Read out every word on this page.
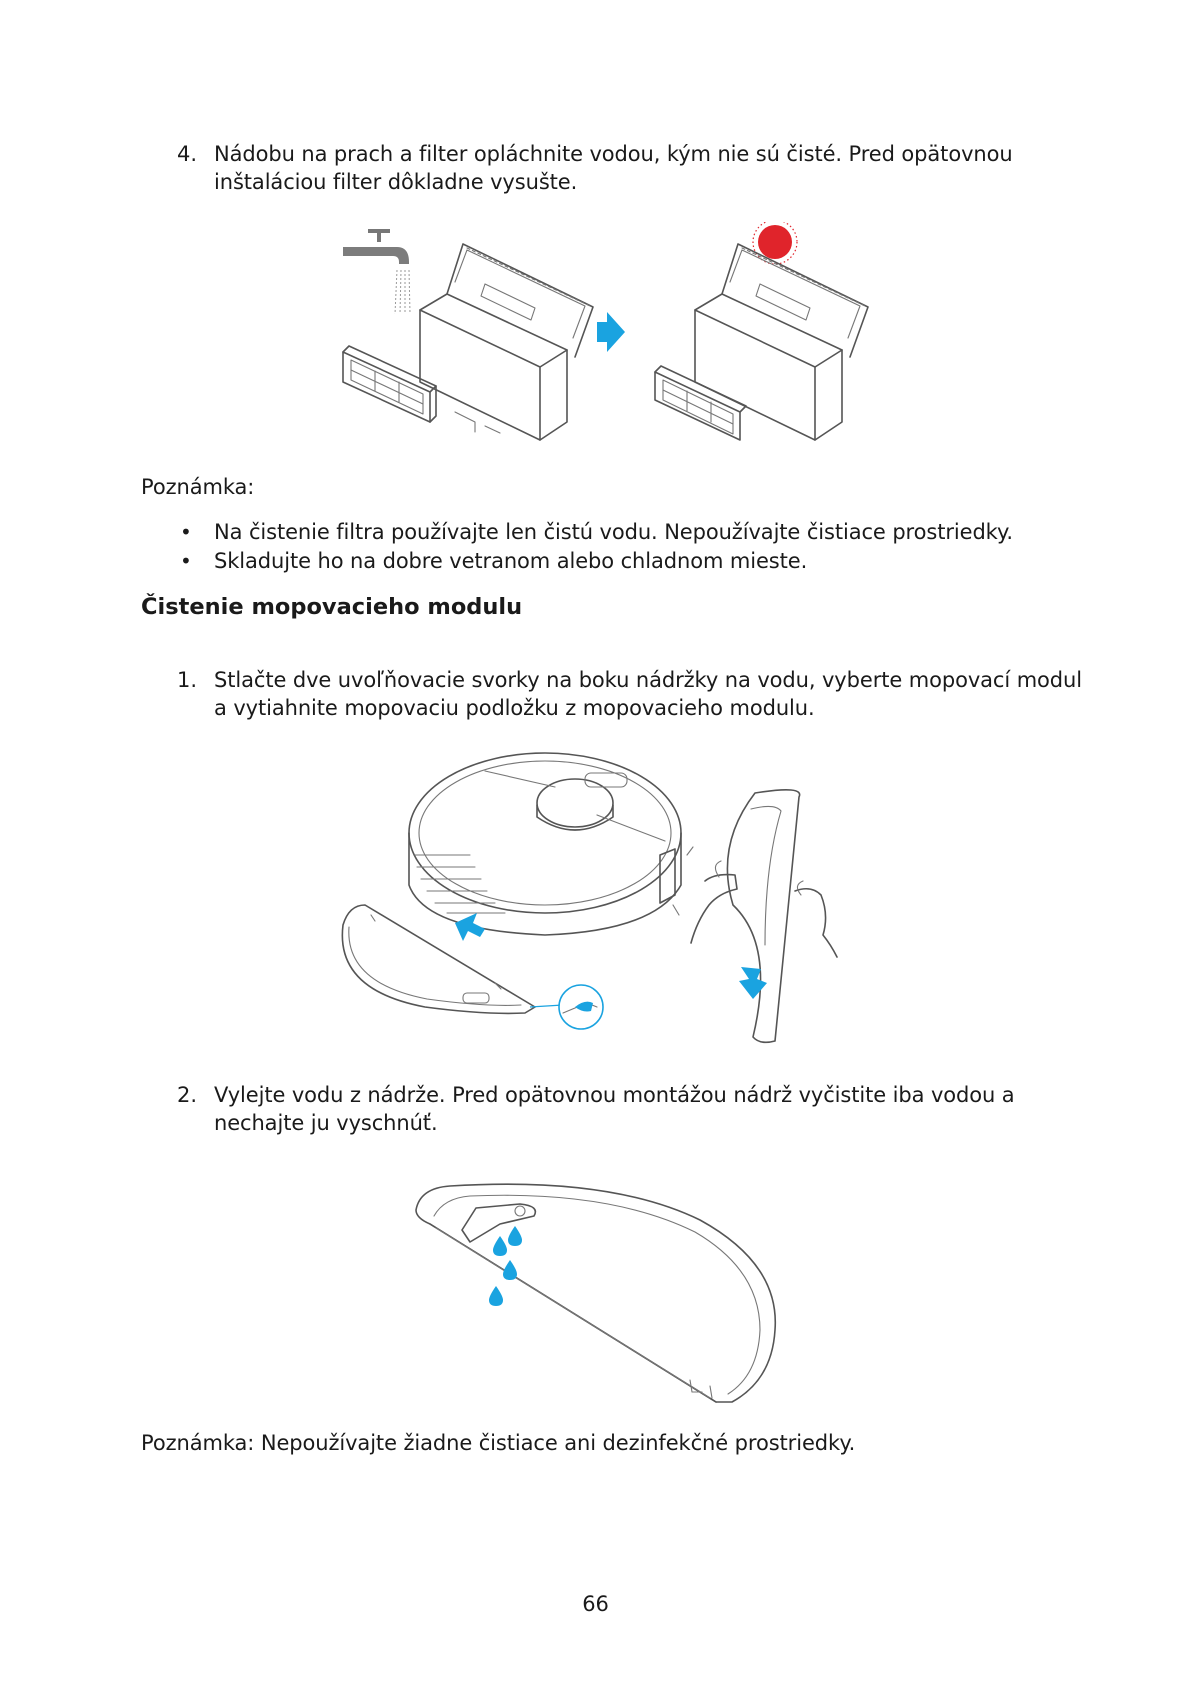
4. Nádobu na prach a filter opláchnite vodou, kým nie sú čisté. Pred opätovnou
inštaláciou filter dôkladne vysušte.
Poznámka:
• Na čistenie filtra používajte len čistú vodu. Nepoužívajte čistiace prostriedky.
• Skladujte ho na dobre vetranom alebo chladnom mieste.
Čistenie mopovacieho modulu
1. Stlačte dve uvoľňovacie svorky na boku nádržky na vodu, vyberte mopovací modul
a vytiahnite mopovaciu podložku z mopovacieho modulu.
2. Vylejte vodu z nádrže. Pred opätovnou montážou nádrž vyčistite iba vodou a
nechajte ju vyschnúť.
Poznámka: Nepoužívajte žiadne čistiace ani dezinfekčné prostriedky.
66
